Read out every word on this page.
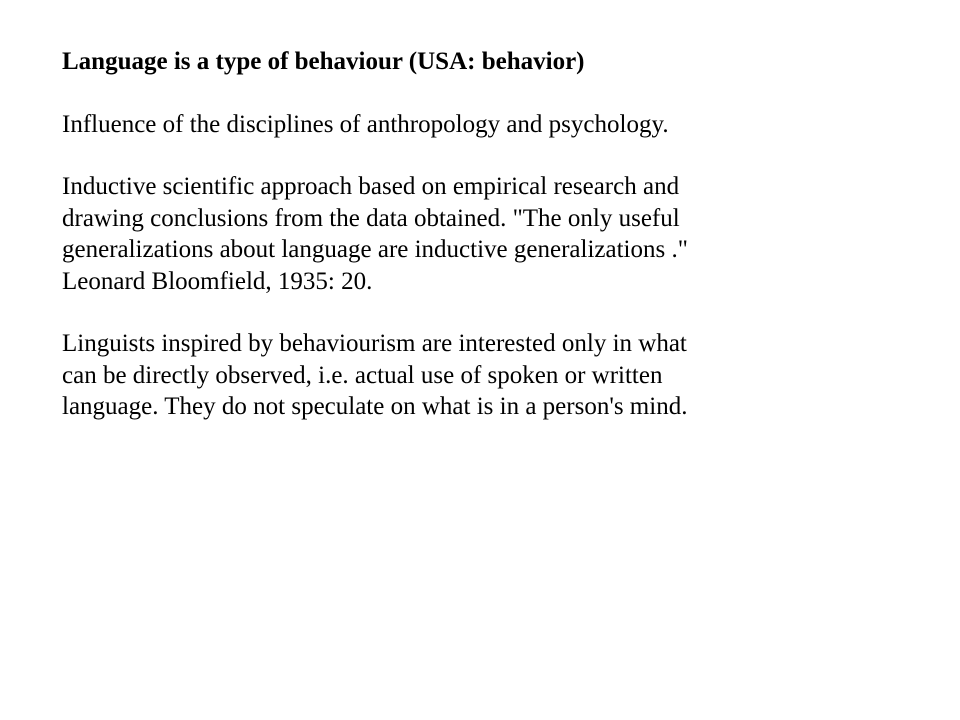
Language is a type of behaviour (USA: behavior)
Influence of the disciplines of anthropology and psychology.
Inductive scientific approach based on empirical research and
drawing conclusions from the data obtained. "The only useful
generalizations about language are inductive generalizations ."
Leonard Bloomfield, 1935: 20.
Linguists inspired by behaviourism are interested only in what
can be directly observed, i.e. actual use of spoken or written
language. They do not speculate on what is in a person's mind.
